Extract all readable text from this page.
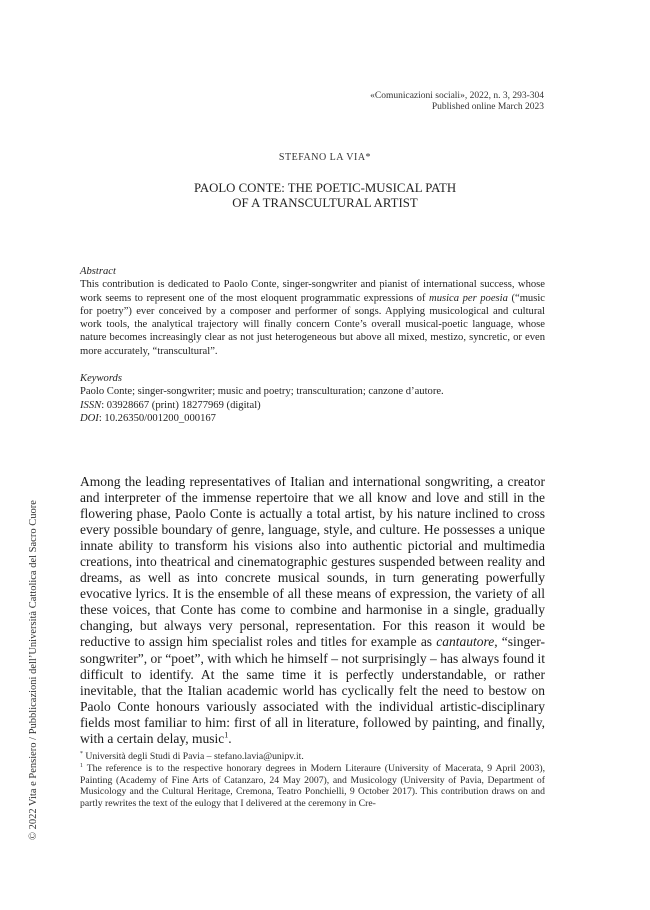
© 2022 Vita e Pensiero / Pubblicazioni dell’Università Cattolica del Sacro Cuore
«Comunicazioni sociali», 2022, n. 3, 293-304
Published online March 2023
STEFANO LA VIA*
PAOLO CONTE: THE POETIC-MUSICAL PATH
OF A TRANSCULTURAL ARTIST
Abstract
This contribution is dedicated to Paolo Conte, singer-songwriter and pianist of international success, whose work seems to represent one of the most eloquent programmatic expressions of musica per poesia (“music for poetry”) ever conceived by a composer and performer of songs. Applying musicological and cultural work tools, the analytical trajectory will finally concern Conte’s overall musical-poetic language, whose nature becomes increasingly clear as not just heterogeneous but above all mixed, mestizo, syncretic, or even more accurately, “transcultural”.
Keywords
Paolo Conte; singer-songwriter; music and poetry; transculturation; canzone d’autore.
ISSN: 03928667 (print) 18277969 (digital)
DOI: 10.26350/001200_000167
Among the leading representatives of Italian and international songwriting, a creator and interpreter of the immense repertoire that we all know and love and still in the flowering phase, Paolo Conte is actually a total artist, by his nature inclined to cross every possible boundary of genre, language, style, and culture. He possesses a unique innate ability to transform his visions also into authentic pictorial and multimedia creations, into theatrical and cinematographic gestures suspended between reality and dreams, as well as into concrete musical sounds, in turn generating powerfully evocative lyrics. It is the ensemble of all these means of expression, the variety of all these voices, that Conte has come to combine and harmonise in a single, gradually changing, but always very personal, representation. For this reason it would be reductive to assign him specialist roles and titles for example as cantautore, “singer-songwriter”, or “poet”, with which he himself – not surprisingly – has always found it difficult to identify. At the same time it is perfectly understandable, or rather inevitable, that the Italian academic world has cyclically felt the need to bestow on Paolo Conte honours variously associated with the individual artistic-disciplinary fields most familiar to him: first of all in literature, followed by painting, and finally, with a certain delay, music$^1$.
* Università degli Studi di Pavia – stefano.lavia@unipv.it.
$^1$ The reference is to the respective honorary degrees in Modern Literaure (University of Macerata, 9 April 2003), Painting (Academy of Fine Arts of Catanzaro, 24 May 2007), and Musicology (University of Pavia, Department of Musicology and the Cultural Heritage, Cremona, Teatro Ponchielli, 9 October 2017). This contribution draws on and partly rewrites the text of the eulogy that I delivered at the ceremony in Cre-
